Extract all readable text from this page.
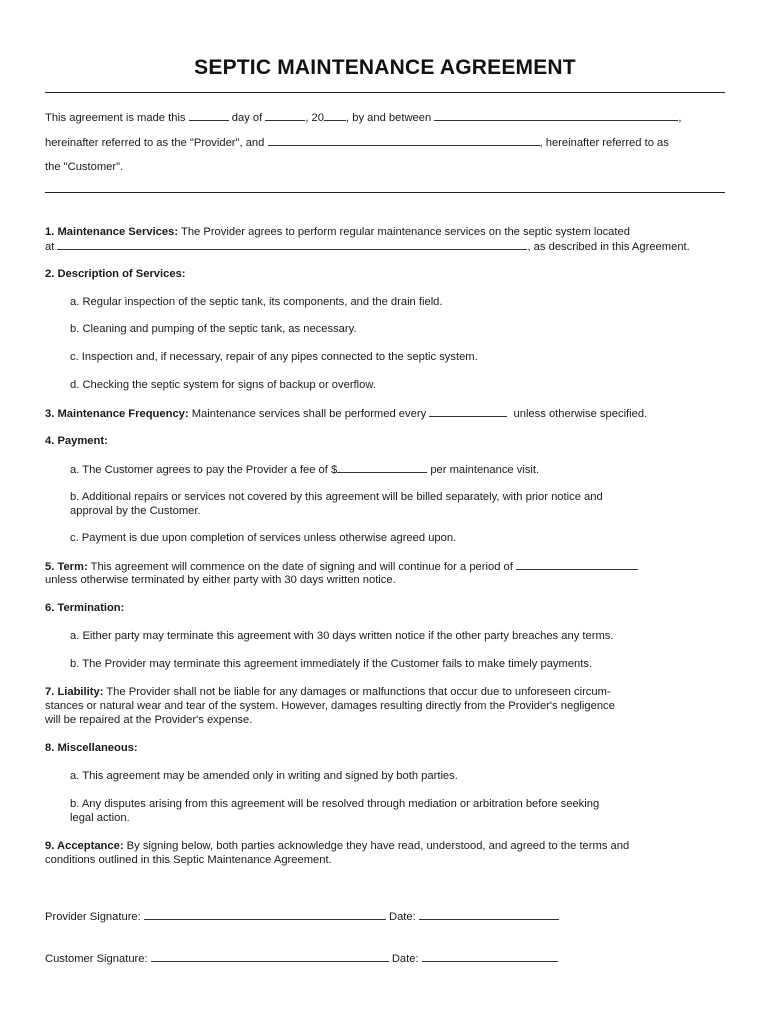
SEPTIC MAINTENANCE AGREEMENT
This agreement is made this	day of	, 20 , by and between	,
hereinafter referred to as the "Provider", and	, hereinafter referred to as
the "Customer".
1. Maintenance Services: The Provider agrees to perform regular maintenance services on the septic system located
at	, as described in this Agreement.
2. Description of Services:
a. Regular inspection of the septic tank, its components, and the drain field.
b. Cleaning and pumping of the septic tank, as necessary.
c. Inspection and, if necessary, repair of any pipes connected to the septic system.
d. Checking the septic system for signs of backup or overflow.
3. Maintenance Frequency: Maintenance services shall be performed every	unless otherwise specified.
4. Payment:
a. The Customer agrees to pay the Provider a fee of $	per maintenance visit.
b. Additional repairs or services not covered by this agreement will be billed separately, with prior notice and
approval by the Customer.
c. Payment is due upon completion of services unless otherwise agreed upon.
5. Term: This agreement will commence on the date of signing and will continue for a period of
unless otherwise terminated by either party with 30 days written notice.
6. Termination:
a. Either party may terminate this agreement with 30 days written notice if the other party breaches any terms.
b. The Provider may terminate this agreement immediately if the Customer fails to make timely payments.
7. Liability: The Provider shall not be liable for any damages or malfunctions that occur due to unforeseen circum-
stances or natural wear and tear of the system. However, damages resulting directly from the Provider's negligence
will be repaired at the Provider's expense.
8. Miscellaneous:
a. This agreement may be amended only in writing and signed by both parties.
b. Any disputes arising from this agreement will be resolved through mediation or arbitration before seeking
legal action.
9. Acceptance: By signing below, both parties acknowledge they have read, understood, and agreed to the terms and
conditions outlined in this Septic Maintenance Agreement.
Provider Signature:	Date:
Customer Signature:	Date:
